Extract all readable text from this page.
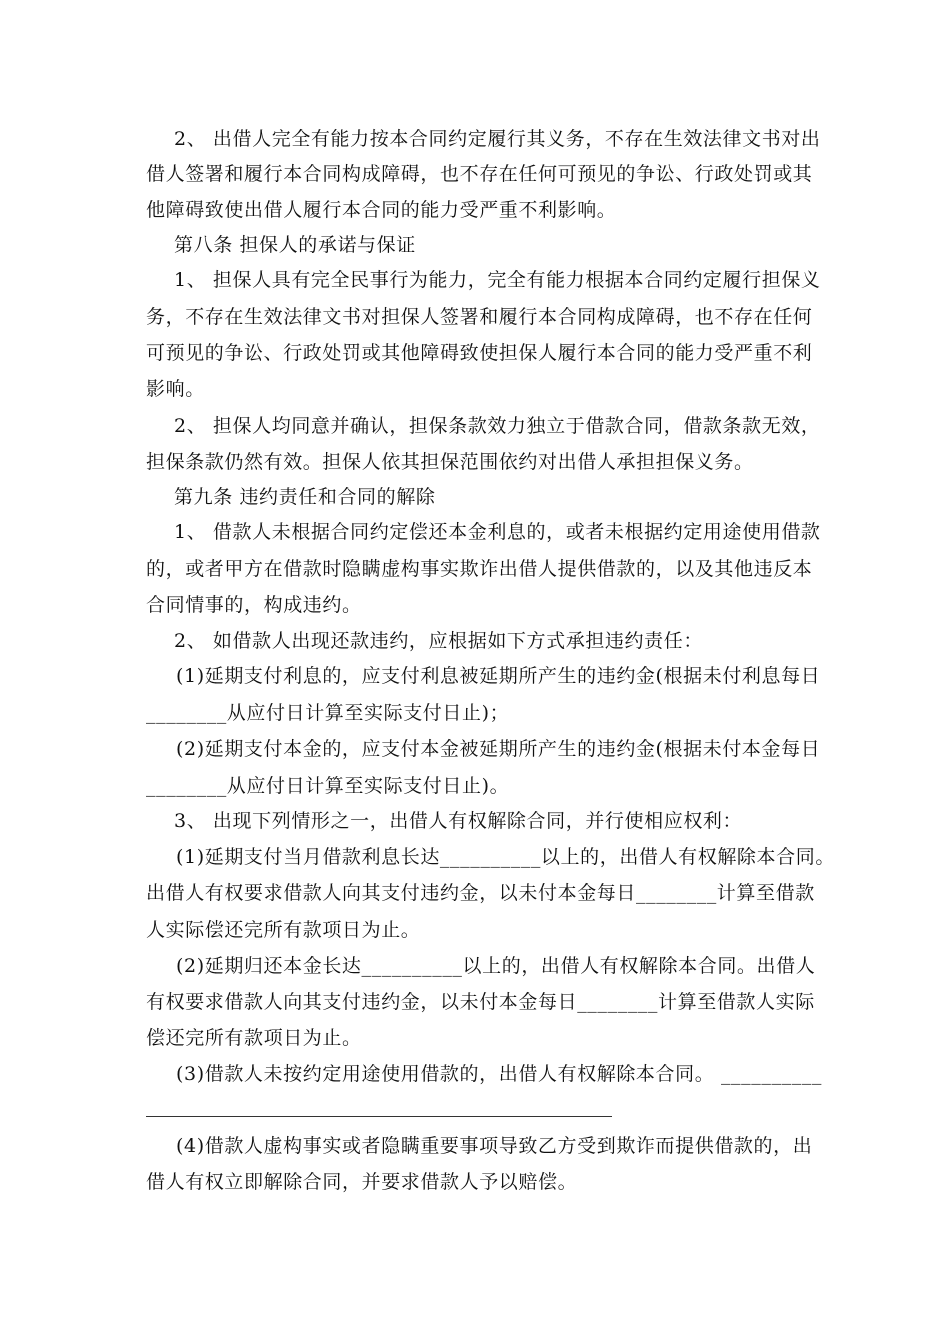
2、 出借人完全有能力按本合同约定履行其义务，不存在生效法律文书对出
借人签署和履行本合同构成障碍，也不存在任何可预见的争讼、行政处罚或其
他障碍致使出借人履行本合同的能力受严重不利影响。
第八条 担保人的承诺与保证
1、 担保人具有完全民事行为能力，完全有能力根据本合同约定履行担保义
务，不存在生效法律文书对担保人签署和履行本合同构成障碍，也不存在任何
可预见的争讼、行政处罚或其他障碍致使担保人履行本合同的能力受严重不利
影响。
2、 担保人均同意并确认，担保条款效力独立于借款合同，借款条款无效，
担保条款仍然有效。担保人依其担保范围依约对出借人承担担保义务。
第九条 违约责任和合同的解除
1、 借款人未根据合同约定偿还本金利息的，或者未根据约定用途使用借款
的，或者甲方在借款时隐瞒虚构事实欺诈出借人提供借款的，以及其他违反本
合同情事的，构成违约。
2、 如借款人出现还款违约，应根据如下方式承担违约责任：
(1)延期支付利息的，应支付利息被延期所产生的违约金(根据未付利息每日
________从应付日计算至实际支付日止)；
(2)延期支付本金的，应支付本金被延期所产生的违约金(根据未付本金每日
________从应付日计算至实际支付日止)。
3、 出现下列情形之一，出借人有权解除合同，并行使相应权利：
(1)延期支付当月借款利息长达__________以上的，出借人有权解除本合同。
出借人有权要求借款人向其支付违约金，以未付本金每日________计算至借款
人实际偿还完所有款项日为止。
(2)延期归还本金长达__________以上的，出借人有权解除本合同。出借人
有权要求借款人向其支付违约金，以未付本金每日________计算至借款人实际
偿还完所有款项日为止。
(3)借款人未按约定用途使用借款的，出借人有权解除本合同。 __________
(4)借款人虚构事实或者隐瞒重要事项导致乙方受到欺诈而提供借款的，出
借人有权立即解除合同，并要求借款人予以赔偿。
